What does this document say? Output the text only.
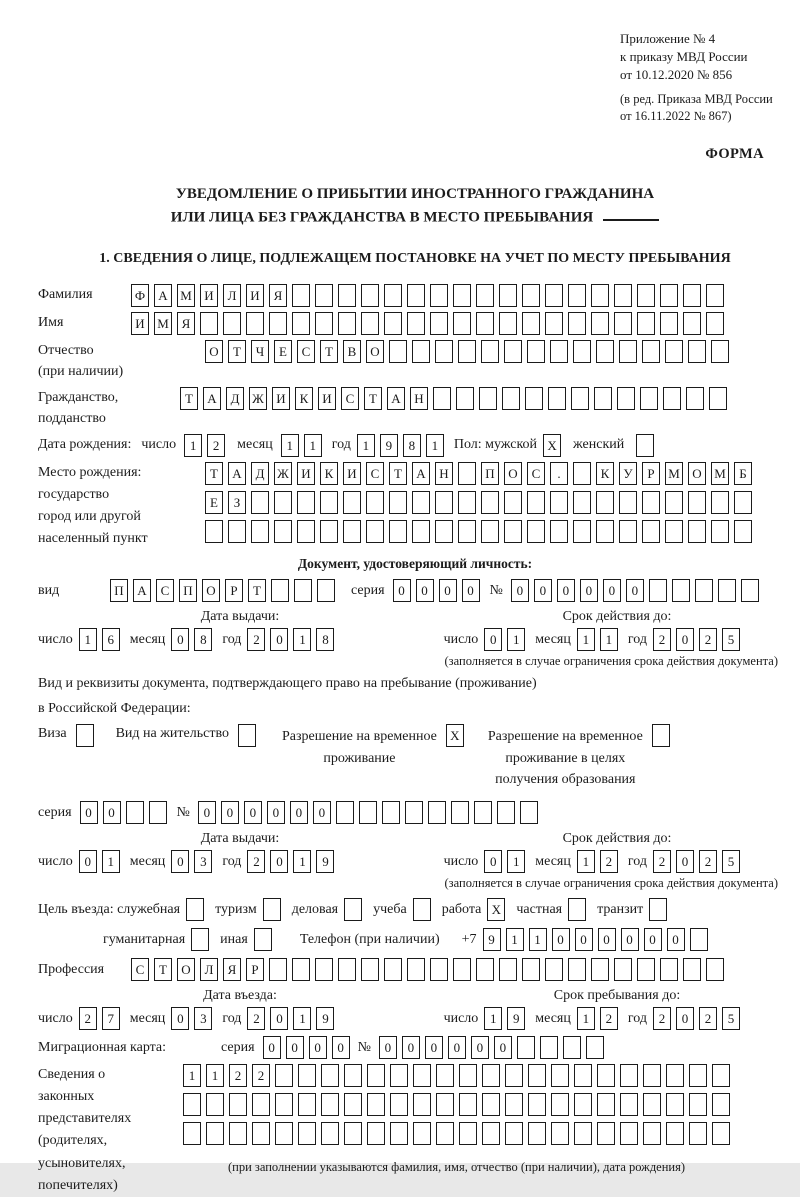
Приложение № 4
к приказу МВД России
от 10.12.2020 № 856
(в ред. Приказа МВД России
от 16.11.2022 № 867)
ФОРМА
УВЕДОМЛЕНИЕ О ПРИБЫТИИ ИНОСТРАННОГО ГРАЖДАНИНА
ИЛИ ЛИЦА БЕЗ ГРАЖДАНСТВА В МЕСТО ПРЕБЫВАНИЯ
1. СВЕДЕНИЯ О ЛИЦЕ, ПОДЛЕЖАЩЕМ ПОСТАНОВКЕ НА УЧЕТ ПО МЕСТУ ПРЕБЫВАНИЯ
Фамилия	Ф	А М И	Л	И	Я
Имя	И М Я
Отчество
(при наличии)
О	Т	Ч	Е	С	Т	В	О
Гражданство,
подданство
Т	А	Д Ж И	К	И	С	Т	А	Н
Дата рождения: число	1	2	месяц	1	1	год 1	9	8	1	Пол: мужской X	женский
Место рождения:
государство
город или другой
населенный пункт
Т	А	Д Ж И	К	И	С	Т	А	Н	П	О	С	.	К	У	Р	М О М	Б
Е	З
Документ, удостоверяющий личность:
вид	П	А	С	П	О	Р	Т	серия	0	0	0	0	№	0	0	0	0	0	0
Дата выдачи:	Срок действия до:
число 1	6	месяц 0	8	год 2	0	1	8	число 0	1	месяц 1	1	год 2	0	2	5
(заполняется в случае ограничения срока действия документа)
Вид и реквизиты документа, подтверждающего право на пребывание (проживание)
в Российской Федерации:
Виза	Вид на жительство	Разрешение на временное
проживание
X	Разрешение на временное
проживание в целях
получения образования
серия	0	0	№	0	0	0	0	0	0
Дата выдачи:	Срок действия до:
число 0	1	месяц 0	3	год 2	0	1	9	число 0	1	месяц 1	2	год 2	0	2	5
(заполняется в случае ограничения срока действия документа)
Цель въезда: служебная	туризм	деловая	учеба	работа X	частная	транзит
гуманитарная	иная	Телефон (при наличии) +7 9	1	1	0	0	0	0	0	0
Профессия	С	Т	О	Л	Я	Р
Дата въезда:	Срок пребывания до:
число 2	7	месяц 0	3	год 2	0	1	9	число 1	9	месяц 1	2	год 2	0	2	5
Миграционная карта:	серия	0	0	0	0 №	0	0	0	0	0	0
Сведения о
законных
представителях
(родителях,
усыновителях,
попечителях)
1	1	2	2
(при заполнении указываются фамилия, имя, отчество (при наличии), дата рождения)
